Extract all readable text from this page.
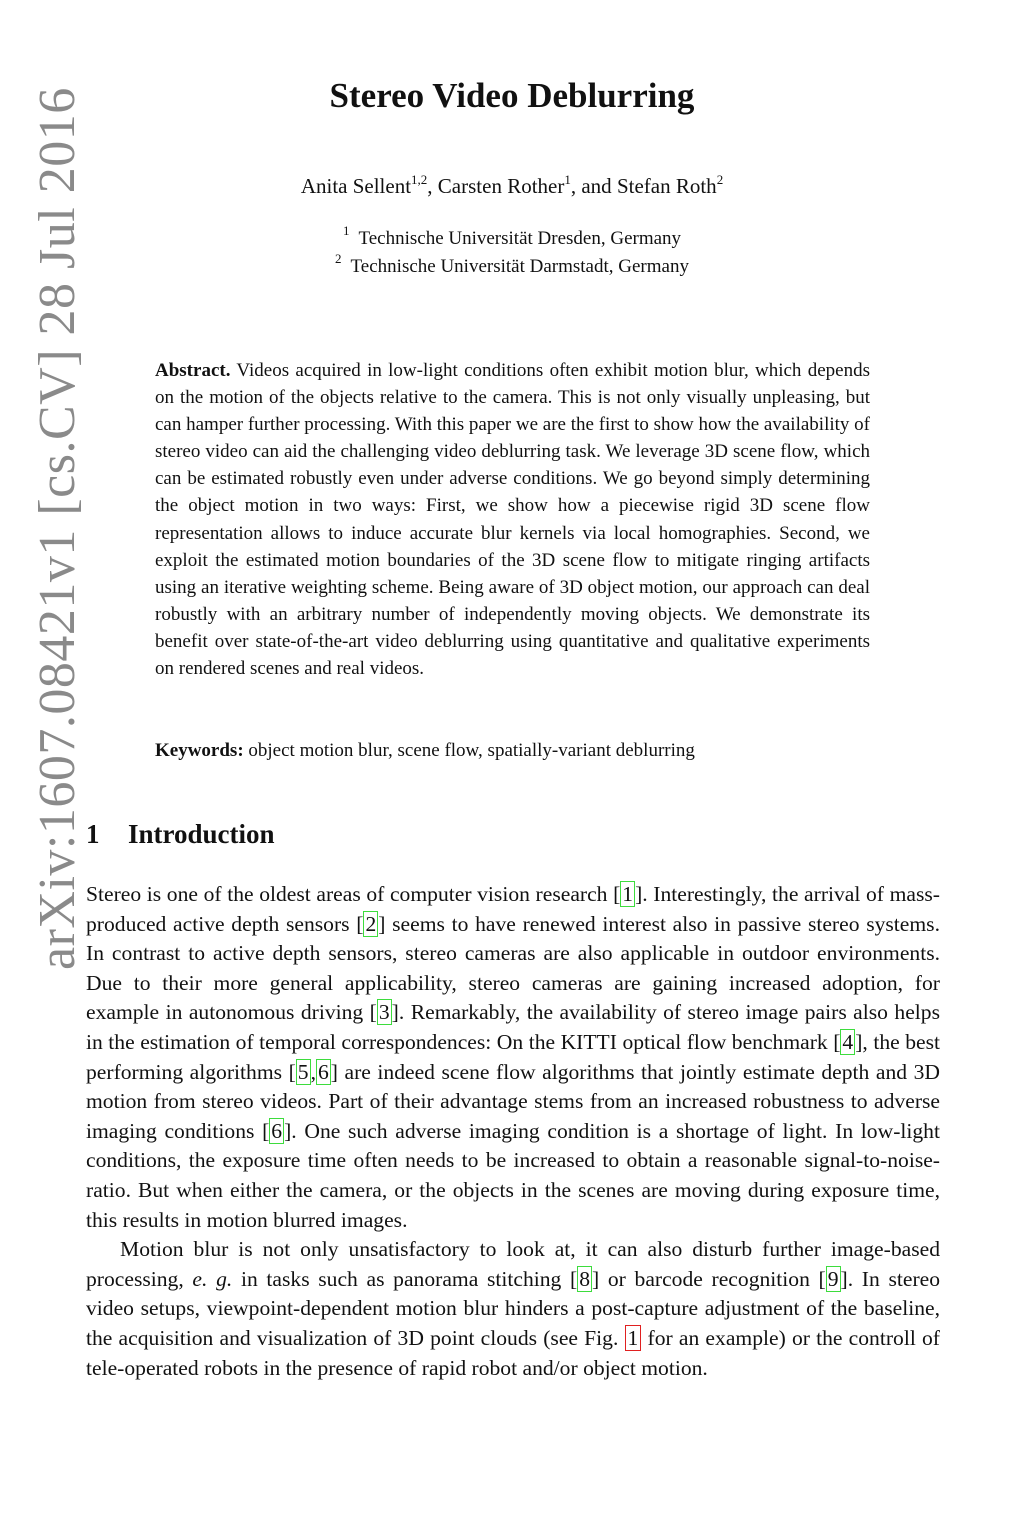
arXiv:1607.08421v1 [cs.CV] 28 Jul 2016	Stereo Video Deblurring
Anita Sellent$^{1,2}$, Carsten Rother$^1$, and Stefan Roth$^2$
$^1$ Technische Universität Dresden, Germany
$^2$ Technische Universität Darmstadt, Germany
Abstract. Videos acquired in low-light conditions often exhibit motion blur, which depends on the motion of the objects relative to the camera. This is not only visually unpleasing, but can hamper further processing. With this paper we are the first to show how the availability of stereo video can aid the challenging video deblurring task. We leverage 3D scene flow, which can be estimated robustly even under adverse conditions. We go beyond simply determining the object motion in two ways: First, we show how a piecewise rigid 3D scene flow representation allows to induce accurate blur kernels via local homographies. Second, we exploit the estimated motion boundaries of the 3D scene flow to mitigate ringing artifacts using an iterative weighting scheme. Being aware of 3D object motion, our approach can deal robustly with an arbitrary number of independently moving objects. We demonstrate its benefit over state-of-the-art video deblurring using quantitative and qualitative experiments on rendered scenes and real videos.
Keywords: object motion blur, scene flow, spatially-variant deblurring
1 Introduction

Stereo is one of the oldest areas of computer vision research [1]. Interestingly, the arrival of mass-produced active depth sensors [2] seems to have renewed interest also in passive stereo systems. In contrast to active depth sensors, stereo cameras are also applicable in outdoor environments. Due to their more general applicability, stereo cameras are gaining increased adoption, for example in autonomous driving [3]. Remarkably, the availability of stereo image pairs also helps in the estimation of temporal correspondences: On the KITTI optical flow benchmark [4], the best performing algorithms [5,6] are indeed scene flow algorithms that jointly estimate depth and 3D motion from stereo videos. Part of their advantage stems from an increased robustness to adverse imaging conditions [6]. One such adverse imaging condition is a shortage of light. In low-light conditions, the exposure time often needs to be increased to obtain a reasonable signal-to-noise-ratio. But when either the camera, or the objects in the scenes are moving during exposure time, this results in motion blurred images.

Motion blur is not only unsatisfactory to look at, it can also disturb further image-based processing, e. g. in tasks such as panorama stitching [8] or barcode recognition [9]. In stereo video setups, viewpoint-dependent motion blur hinders a post-capture adjustment of the baseline, the acquisition and visualization of 3D point clouds (see Fig. 1 for an example) or the controll of tele-operated robots in the presence of rapid robot and/or object motion.
